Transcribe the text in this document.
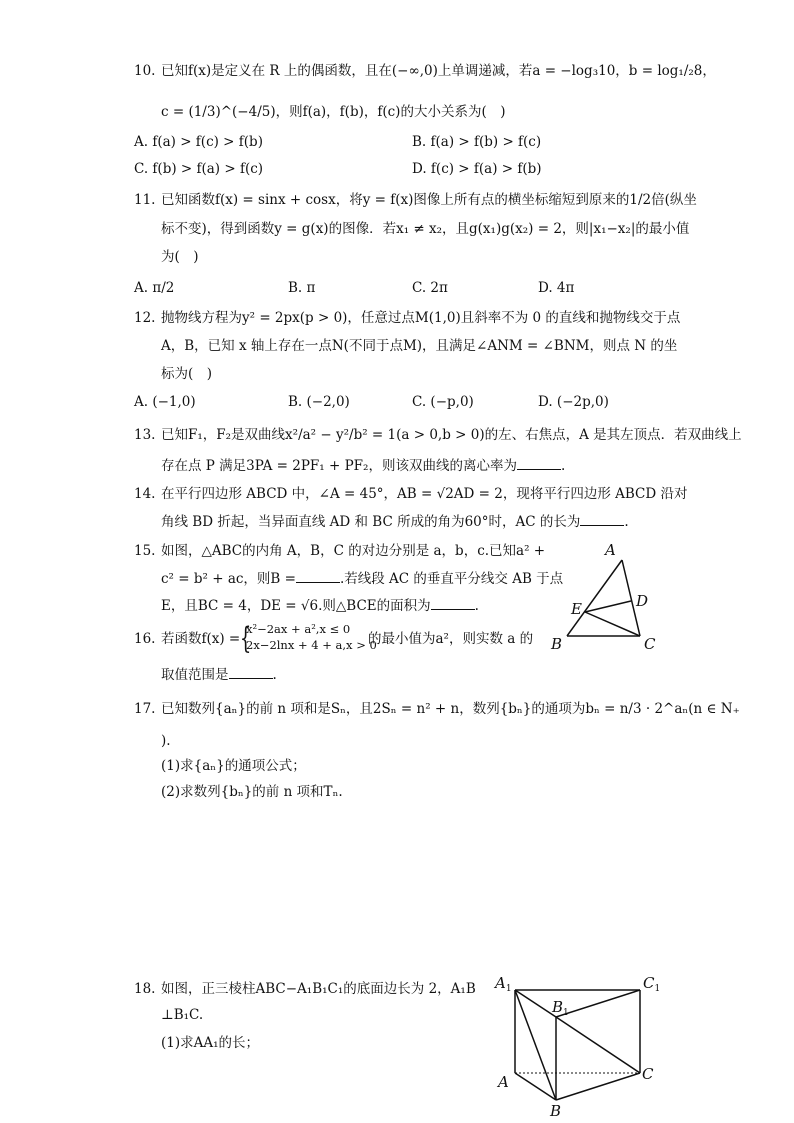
10. 已知f(x)是定义在 R 上的偶函数，且在(−∞,0)上单调递减，若a = −log₃10，b = log₁/₂8，
c = (1/3)^(−4/5)，则f(a)，f(b)，f(c)的大小关系为(　)
A. f(a) > f(c) > f(b)	B. f(a) > f(b) > f(c)
C. f(b) > f(a) > f(c)	D. f(c) > f(a) > f(b)
11. 已知函数f(x) = sinx + cosx，将y = f(x)图像上所有点的横坐标缩短到原来的1/2倍(纵坐
标不变)，得到函数y = g(x)的图像．若x₁ ≠ x₂，且g(x₁)g(x₂) = 2，则|x₁−x₂|的最小值
为(　)
A. π/2	B. π	C. 2π	D. 4π
12. 抛物线方程为y² = 2px(p > 0)，任意过点M(1,0)且斜率不为 0 的直线和抛物线交于点
A，B，已知 x 轴上存在一点N(不同于点M)，且满足∠ANM = ∠BNM，则点 N 的坐
标为(　)
A. (−1,0)	B. (−2,0)	C. (−p,0)	D. (−2p,0)
13. 已知F₁，F₂是双曲线x²/a² − y²/b² = 1(a > 0,b > 0)的左、右焦点，A 是其左顶点．若双曲线上
存在点 P 满足3PA = 2PF₁ + PF₂，则该双曲线的离心率为	.
14. 在平行四边形 ABCD 中，∠A = 45°，AB = √2AD = 2，现将平行四边形 ABCD 沿对
角线 BD 折起，当异面直线 AD 和 BC 所成的角为60°时，AC 的长为	.
15. 如图，△ABC的内角 A，B，C 的对边分别是 a，b，c.已知a² +
c² = b² + ac，则B =	.若线段 AC 的垂直平分线交 AB 于点
E，且BC = 4，DE = √6.则△BCE的面积为	.
A
B	C
D
E
16. 若函数f(x) = {
x²−2ax + a²,x ≤ 0
2x−2lnx + 4 + a,x > 0
的最小值为a²，则实数 a 的
取值范围是	.
17. 已知数列{aₙ}的前 n 项和是Sₙ，且2Sₙ = n² + n，数列{bₙ}的通项为bₙ = n/3 · 2^aₙ(n ∈ N₊
).
(1)求{aₙ}的通项公式；
(2)求数列{bₙ}的前 n 项和Tₙ.
18. 如图，正三棱柱ABC−A₁B₁C₁的底面边长为 2，A₁B
⊥B₁C.
(1)求AA₁的长；
$A_1$
$B_1$
$C_1$
A
B
C
